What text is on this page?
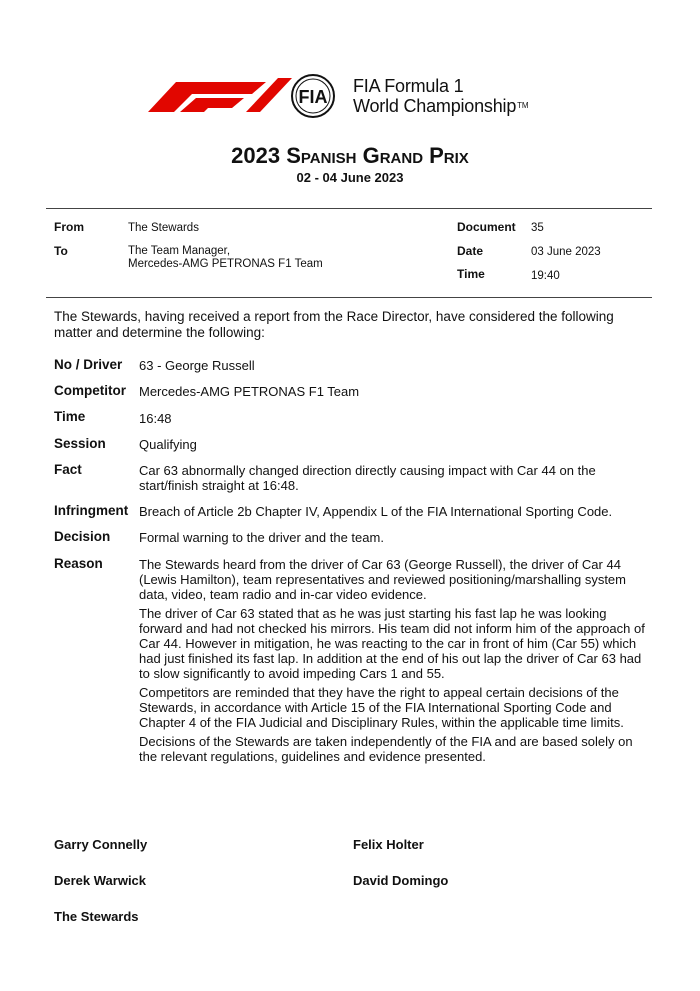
FIA
FIA Formula 1
World ChampionshipTM
2023 Spanish Grand Prix
02 - 04 June 2023
From	The Stewards
To	The Team Manager,
Mercedes-AMG PETRONAS F1 Team
Document 35
Date	03 June 2023
Time	19:40
The Stewards, having received a report from the Race Director, have considered the following matter and determine the following:
No / Driver 63 - George Russell
Competitor Mercedes-AMG PETRONAS F1 Team
Time	16:48
Session	Qualifying
Fact	Car 63 abnormally changed direction directly causing impact with Car 44 on the start/finish straight at 16:48.
Infringment Breach of Article 2b Chapter IV, Appendix L of the FIA International Sporting Code.
Decision Formal warning to the driver and the team.
Reason	The Stewards heard from the driver of Car 63 (George Russell), the driver of Car 44 (Lewis Hamilton), team representatives and reviewed positioning/marshalling system data, video, team radio and in-car video evidence.

The driver of Car 63 stated that as he was just starting his fast lap he was looking forward and had not checked his mirrors. His team did not inform him of the approach of Car 44. However in mitigation, he was reacting to the car in front of him (Car 55) which had just finished its fast lap. In addition at the end of his out lap the driver of Car 63 had to slow significantly to avoid impeding Cars 1 and 55.

Competitors are reminded that they have the right to appeal certain decisions of the Stewards, in accordance with Article 15 of the FIA International Sporting Code and Chapter 4 of the FIA Judicial and Disciplinary Rules, within the applicable time limits.

Decisions of the Stewards are taken independently of the FIA and are based solely on the relevant regulations, guidelines and evidence presented.

Garry Connelly	Felix Holter
Derek Warwick	David Domingo
The Stewards
